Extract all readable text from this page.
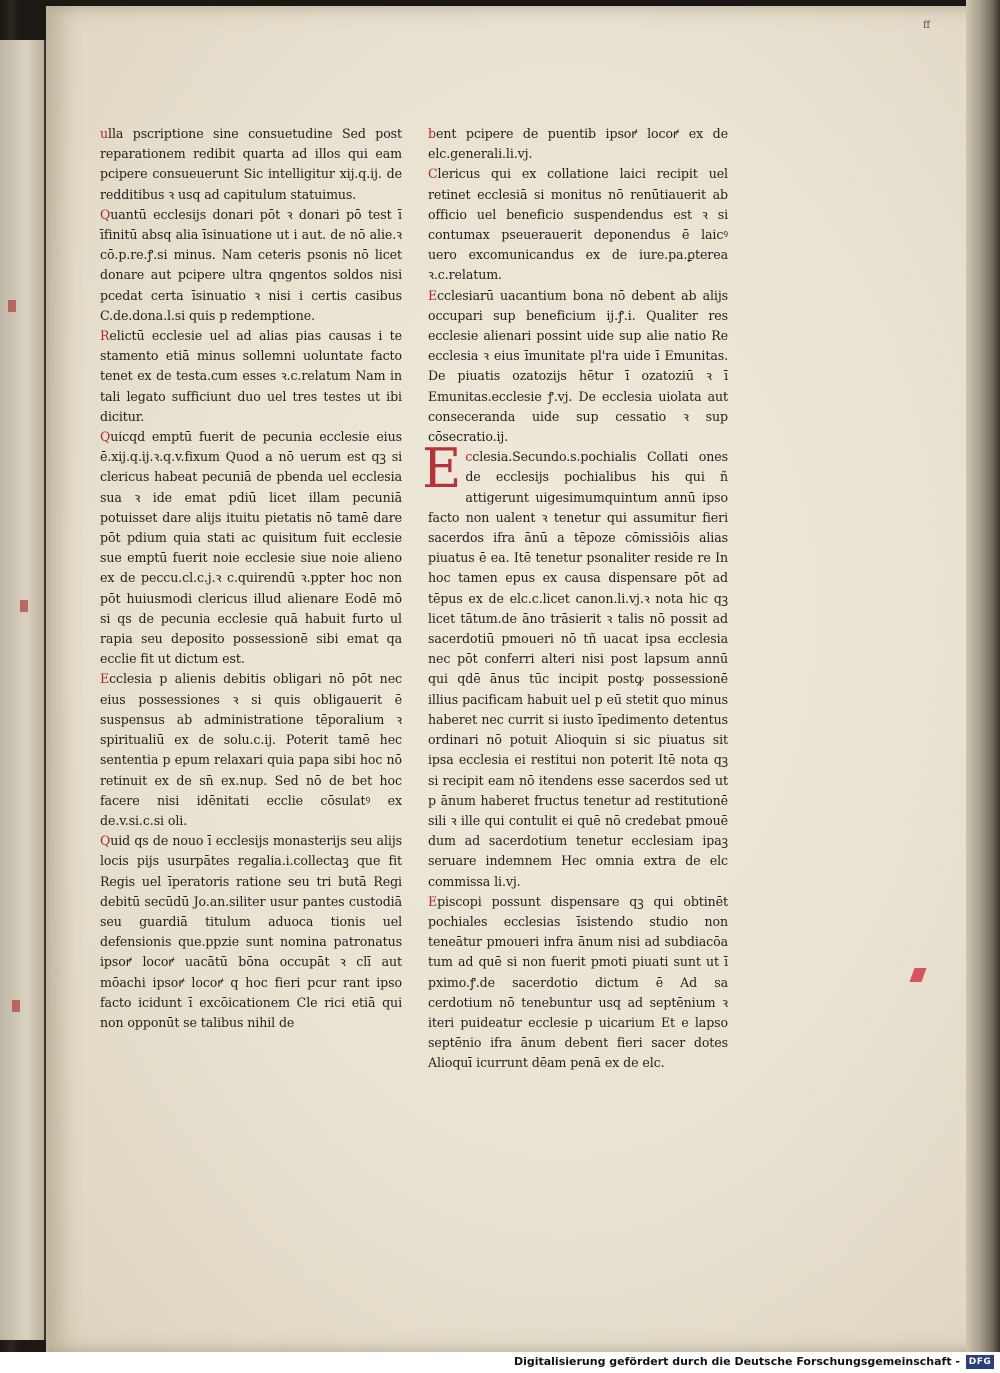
ff

ulla pscriptione sine consuetudine Sed post reparationem redibit quarta ad illos qui eam pcipere consueuerunt Sic intelligitur xij.q.ij. de redditibus ꝛ usq ad capitulum statuimus.

Quantū ecclesijs donari pōt ꝛ donari pō test ī īfinitū absq alia īsinuatione ut i aut. de nō alie.ꝛ cō.p.re.ꝭ.si minus. Nam ceteris psonis nō licet donare aut pcipere ultra qngentos soldos nisi pcedat certa īsinuatio ꝛ nisi i certis casibus C.de.dona.l.si quis p redemptione.

Relictū ecclesie uel ad alias pias causas i te stamento etiā minus sollemni uoluntate facto tenet ex de testa.cum esses ꝛ.c.relatum Nam in tali legato sufficiunt duo uel tres testes ut ibi dicitur.

Quicqd emptū fuerit de pecunia ecclesie eius ē.xij.q.ij.ꝛ.q.v.fixum Quod a nō uerum est qꝫ si clericus habeat pecuniā de pbenda uel ecclesia sua ꝛ ide emat pdiū licet illam pecuniā potuisset dare alijs ituitu pietatis nō tamē dare pōt pdium quia stati ac quisitum fuit ecclesie sue emptū fuerit noie ecclesie siue noie alieno ex de peccu.cl.c.j.ꝛ c.quirendū ꝛ.ppter hoc non pōt huiusmodi clericus illud alienare Eodē mō si qs de pecunia ecclesie quā habuit furto ul rapia seu deposito possessionē sibi emat qa ecclie fit ut dictum est.

Ecclesia p alienis debitis obligari nō pōt nec eius possessiones ꝛ si quis obligauerit ē suspensus ab administratione tēporalium ꝛ spiritualiū ex de solu.c.ij. Poterit tamē hec sententia p epum relaxari quia papa sibi hoc nō retinuit ex de sn̄ ex.nup. Sed nō de bet hoc facere nisi idēnitati ecclie cōsulatꝰ ex de.v.si.c.si oli.

Quid qs de nouo ī ecclesijs monasterijs seu alijs locis pijs usurpātes regalia.i.collectaꝫ que fit Regis uel īperatoris ratione seu tri butā Regi debitū secūdū Jo.an.siliter usur pantes custodiā seu guardiā titulum aduoca tionis uel defensionis que.ppzie sunt nomina patronatus ipsoꝵ locoꝵ uacātū bōna occupāt ꝛ clī aut mōachi ipsoꝵ locoꝵ q hoc fieri pcur rant ipso facto icidunt ī excōicationem Cle rici etiā qui non opponūt se talibus nihil de

bent pcipere de puentib ipsoꝵ locoꝵ ex de elc.generali.li.vj.

Clericus qui ex collatione laici recipit uel retinet ecclesiā si monitus nō renūtiauerit ab officio uel beneficio suspendendus est ꝛ si contumax pseuerauerit deponendus ē laicꝰ uero excomunicandus ex de iure.pa.ꝑterea ꝛ.c.relatum.

Ecclesiarū uacantium bona nō debent ab alijs occupari sup beneficium ij.ꝭ.i. Qualiter res ecclesie alienari possint uide sup alie natio Re ecclesia ꝛ eius īmunitate pl'ra uide ī Emunitas. De piuatis ozatozijs hētur ī ozatoziū ꝛ ī Emunitas.ecclesie ꝭ.vj. De ecclesia uiolata aut conseceranda uide sup cessatio ꝛ sup cōsecratio.ij.

Ecclesia.Secundo.s.pochialis Collati ones de ecclesijs pochialibus his qui ñ attigerunt uigesimumquintum annū ipso facto non ualent ꝛ tenetur qui assumitur fieri sacerdos ifra ānū a tēpoze cōmissiōis alias piuatus ē ea. Itē tenetur psonaliter reside re In hoc tamen epus ex causa dispensare pōt ad tēpus ex de elc.c.licet canon.li.vj.ꝛ nota hic qꝫ licet tātum.de āno trāsierit ꝛ talis nō possit ad sacerdotiū pmoueri nō tñ uacat ipsa ecclesia nec pōt conferri alteri nisi post lapsum annū qui qdē ānus tūc incipit postꝙ possessionē illius pacificam habuit uel p eū stetit quo minus haberet nec currit si iusto īpedimento detentus ordinari nō potuit Alioquin si sic piuatus sit ipsa ecclesia ei restitui non poterit Itē nota qꝫ si recipit eam nō itendens esse sacerdos sed ut p ānum haberet fructus tenetur ad restitutionē sili ꝛ ille qui contulit ei quē nō credebat pmouē dum ad sacerdotium tenetur ecclesiam ipaꝫ seruare indemnem Hec omnia extra de elc commissa li.vj.

Episcopi possunt dispensare qꝫ qui obtinēt pochiales ecclesias īsistendo studio non teneātur pmoueri infra ānum nisi ad subdiacōa tum ad quē si non fuerit pmoti piuati sunt ut ī pximo.ꝭ.de sacerdotio dictum ē Ad sa cerdotium nō tenebuntur usq ad septēnium ꝛ iteri puideatur ecclesie p uicarium Et e lapso septēnio ifra ānum debent fieri sacer dotes Alioquī icurrunt dēam penā ex de elc.

Digitalisierung gefördert durch die Deutsche Forschungsgemeinschaft - DFG
